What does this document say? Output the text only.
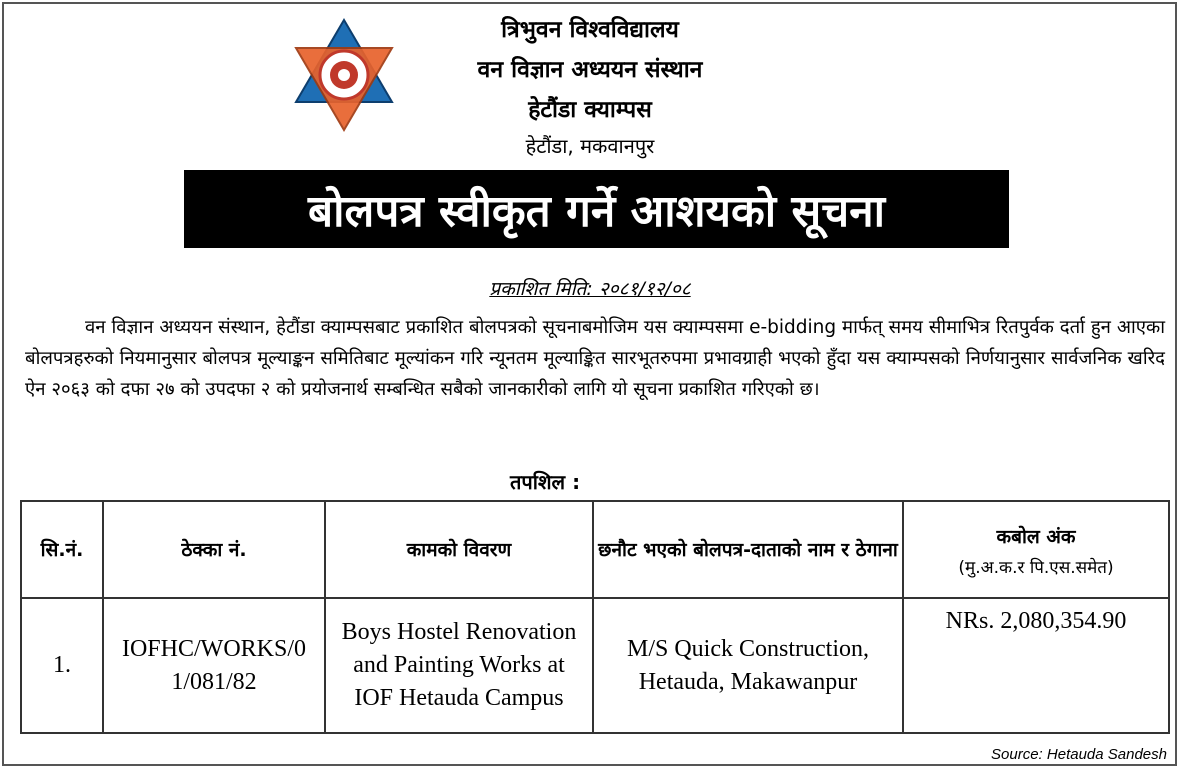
त्रिभुवन विश्वविद्यालय
वन विज्ञान अध्ययन संस्थान
हेटौंडा क्याम्पस
हेटौंडा, मकवानपुर
बोलपत्र स्वीकृत गर्ने आशयको सूचना
प्रकाशित मिति: २०८१/१२/०८
वन विज्ञान अध्ययन संस्थान, हेटौंडा क्याम्पसबाट प्रकाशित बोलपत्रको सूचनाबमोजिम यस क्याम्पसमा e-bidding मार्फत् समय सीमाभित्र रितपुर्वक दर्ता हुन आएका बोलपत्रहरुको नियमानुसार बोलपत्र मूल्याङ्कन समितिबाट मूल्यांकन गरि न्यूनतम मूल्याङ्कित सारभूतरुपमा प्रभावग्राही भएको हुँदा यस क्याम्पसको निर्णयानुसार सार्वजनिक खरिद ऐन २०६३ को दफा २७ को उपदफा २ को प्रयोजनार्थ सम्बन्धित सबैको जानकारीको लागि यो सूचना प्रकाशित गरिएको छ।
तपशिल :
सि.नं.	ठेक्का नं.	कामको विवरण	छनौट भएको बोलपत्र-दाताको नाम र ठेगाना	कबोल अंक
(मु.अ.क.र पि.एस.समेत)

1.	IOFHC/WORKS/01/081/82	Boys Hostel Renovation and Painting Works at IOF Hetauda Campus	M/S Quick Construction, Hetauda, Makawanpur	NRs. 2,080,354.90
Source: Hetauda Sandesh
